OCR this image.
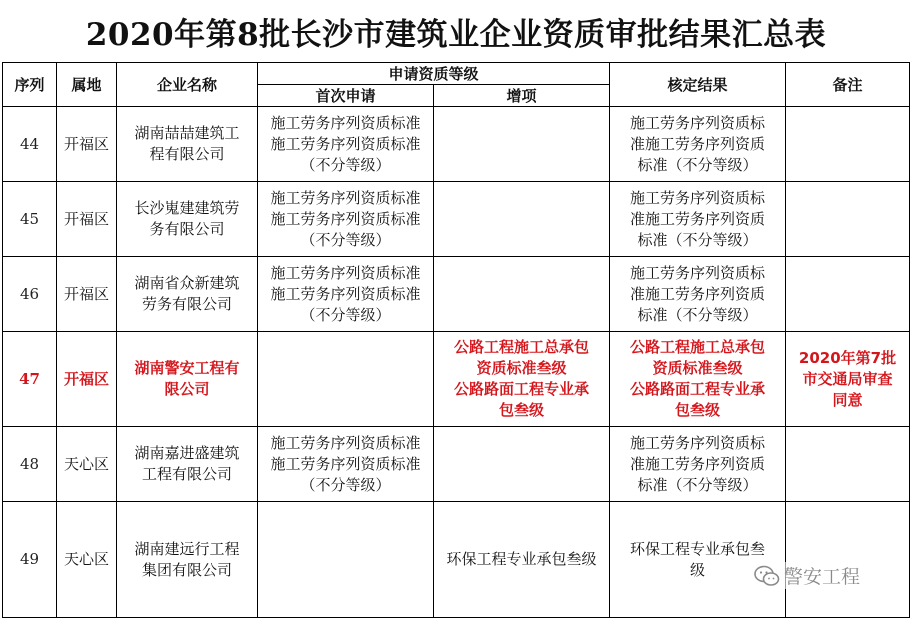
2020年第8批长沙市建筑业企业资质审批结果汇总表
序列	属地	企业名称	申请资质等级		核定结果	备注
			首次申请	增项		
44	开福区	湖南喆喆建筑工
程有限公司	施工劳务序列资质标准
施工劳务序列资质标准
（不分等级）		施工劳务序列资质标
准施工劳务序列资质
标准（不分等级）	

45	开福区	长沙嵬建建筑劳
务有限公司	施工劳务序列资质标准
施工劳务序列资质标准
（不分等级）		施工劳务序列资质标
准施工劳务序列资质
标准（不分等级）	

46	开福区	湖南省众新建筑
劳务有限公司	施工劳务序列资质标准
施工劳务序列资质标准
（不分等级）		施工劳务序列资质标
准施工劳务序列资质
标准（不分等级）	

47	开福区	湖南警安工程有
限公司		公路工程施工总承包
资质标准叁级
公路路面工程专业承
包叁级	公路工程施工总承包
资质标准叁级
公路路面工程专业承
包叁级	2020年第7批
市交通局审查
同意

48	天心区	湖南嘉进盛建筑
工程有限公司	施工劳务序列资质标准
施工劳务序列资质标准
（不分等级）		施工劳务序列资质标
准施工劳务序列资质
标准（不分等级）	

49	天心区	湖南建远行工程
集团有限公司		环保工程专业承包叁级	环保工程专业承包叁
级	
		警安工程
